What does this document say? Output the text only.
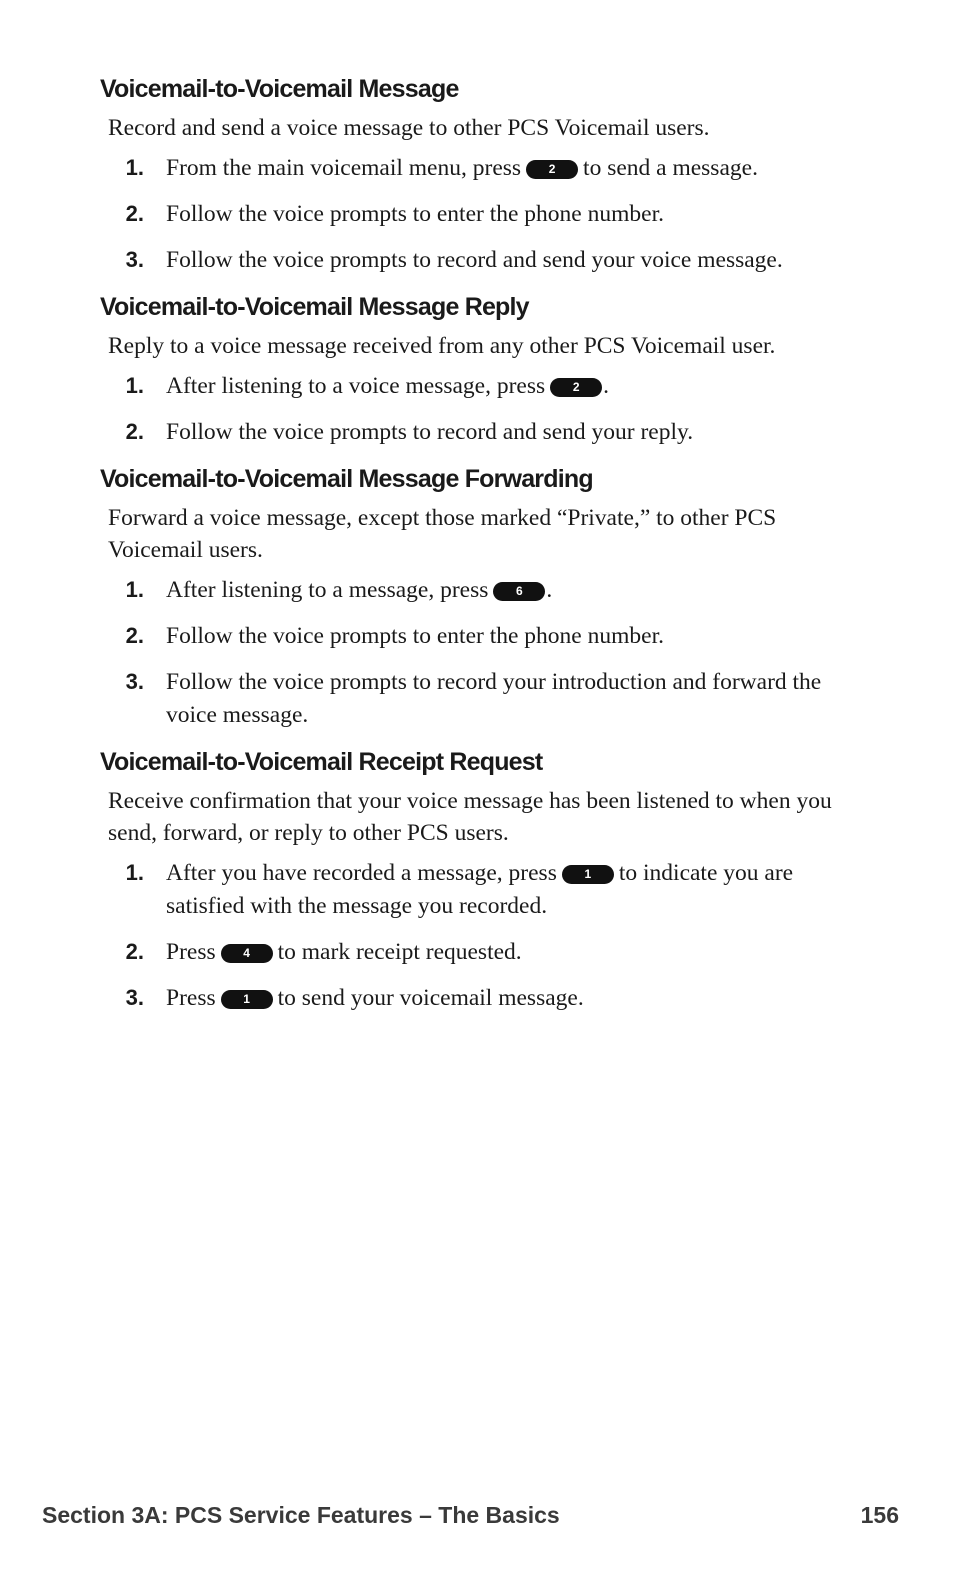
Voicemail-to-Voicemail Message

Record and send a voice message to other PCS Voicemail users.

1. From the main voicemail menu, press 2 to send a message.
2. Follow the voice prompts to enter the phone number.
3. Follow the voice prompts to record and send your voice message.
Voicemail-to-Voicemail Message Reply

Reply to a voice message received from any other PCS Voicemail user.

1. After listening to a voice message, press 2 .
2. Follow the voice prompts to record and send your reply.
Voicemail-to-Voicemail Message Forwarding

Forward a voice message, except those marked “Private,” to other PCS Voicemail users.

1. After listening to a message, press 6 .
2. Follow the voice prompts to enter the phone number.
3. Follow the voice prompts to record your introduction and forward the voice message.
Voicemail-to-Voicemail Receipt Request

Receive confirmation that your voice message has been listened to when you send, forward, or reply to other PCS users.

1. After you have recorded a message, press 1 to indicate you are satisfied with the message you recorded.
2. Press 4 to mark receipt requested.
3. Press 1 to send your voicemail message.
Section 3A: PCS Service Features – The Basics	156
